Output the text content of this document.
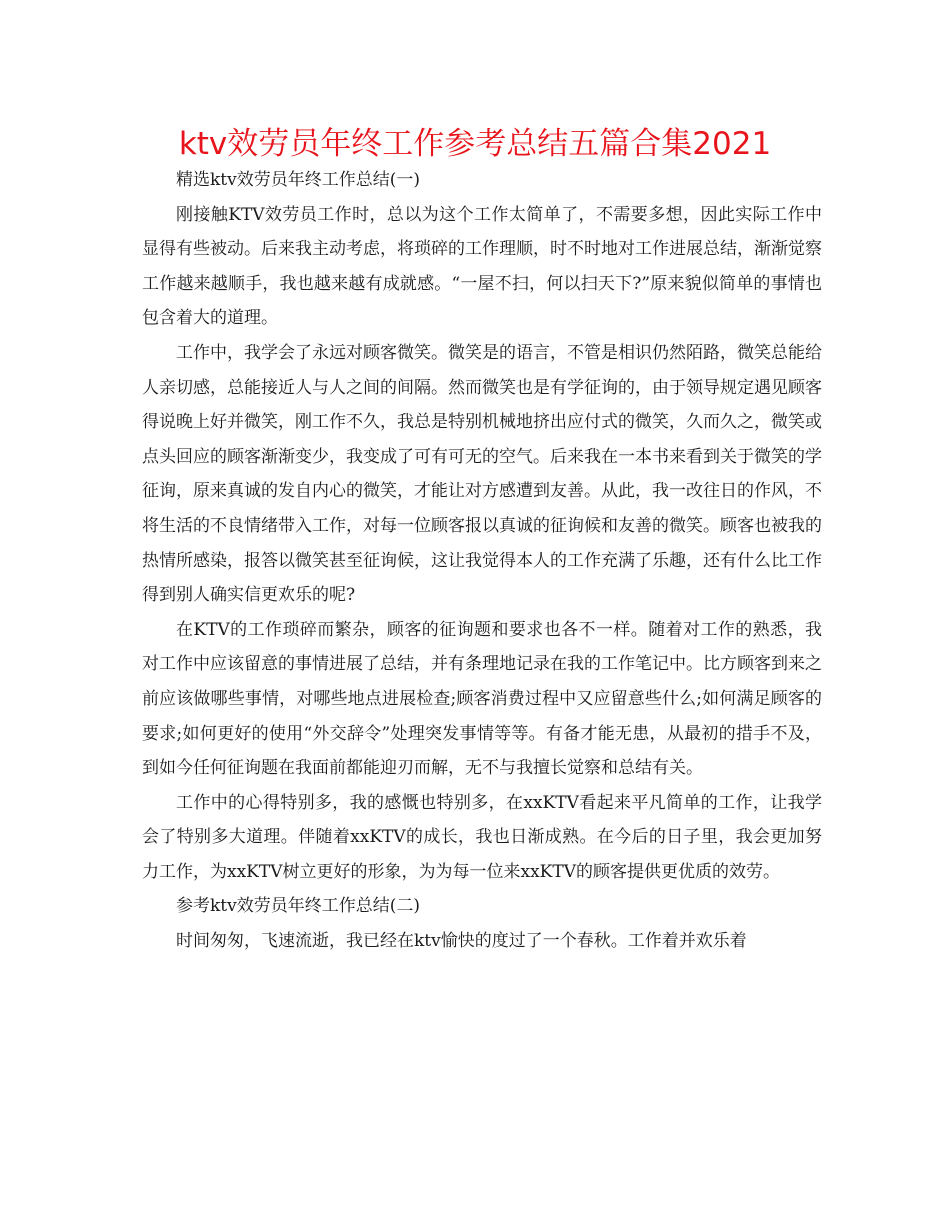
ktv效劳员年终工作参考总结五篇合集2021

精选ktv效劳员年终工作总结(一)

刚接触KTV效劳员工作时，总以为这个工作太简单了，不需要多想，因此实际工作中显得有些被动。后来我主动考虑，将琐碎的工作理顺，时不时地对工作进展总结，渐渐觉察工作越来越顺手，我也越来越有成就感。“一屋不扫，何以扫天下?”原来貌似简单的事情也包含着大的道理。

工作中，我学会了永远对顾客微笑。微笑是的语言，不管是相识仍然陌路，微笑总能给人亲切感，总能接近人与人之间的间隔。然而微笑也是有学征询的，由于领导规定遇见顾客得说晚上好并微笑，刚工作不久，我总是特别机械地挤出应付式的微笑，久而久之，微笑或点头回应的顾客渐渐变少，我变成了可有可无的空气。后来我在一本书来看到关于微笑的学征询，原来真诚的发自内心的微笑，才能让对方感遭到友善。从此，我一改往日的作风，不将生活的不良情绪带入工作，对每一位顾客报以真诚的征询候和友善的微笑。顾客也被我的热情所感染，报答以微笑甚至征询候，这让我觉得本人的工作充满了乐趣，还有什么比工作得到别人确实信更欢乐的呢?

在KTV的工作琐碎而繁杂，顾客的征询题和要求也各不一样。随着对工作的熟悉，我对工作中应该留意的事情进展了总结，并有条理地记录在我的工作笔记中。比方顾客到来之前应该做哪些事情，对哪些地点进展检查;顾客消费过程中又应留意些什么;如何满足顾客的要求;如何更好的使用“外交辞令”处理突发事情等等。有备才能无患，从最初的措手不及，到如今任何征询题在我面前都能迎刃而解，无不与我擅长觉察和总结有关。

工作中的心得特别多，我的感慨也特别多，在xxKTV看起来平凡简单的工作，让我学会了特别多大道理。伴随着xxKTV的成长，我也日渐成熟。在今后的日子里，我会更加努力工作，为xxKTV树立更好的形象，为为每一位来xxKTV的顾客提供更优质的效劳。

参考ktv效劳员年终工作总结(二)

时间匆匆，飞速流逝，我已经在ktv愉快的度过了一个春秋。工作着并欢乐着
